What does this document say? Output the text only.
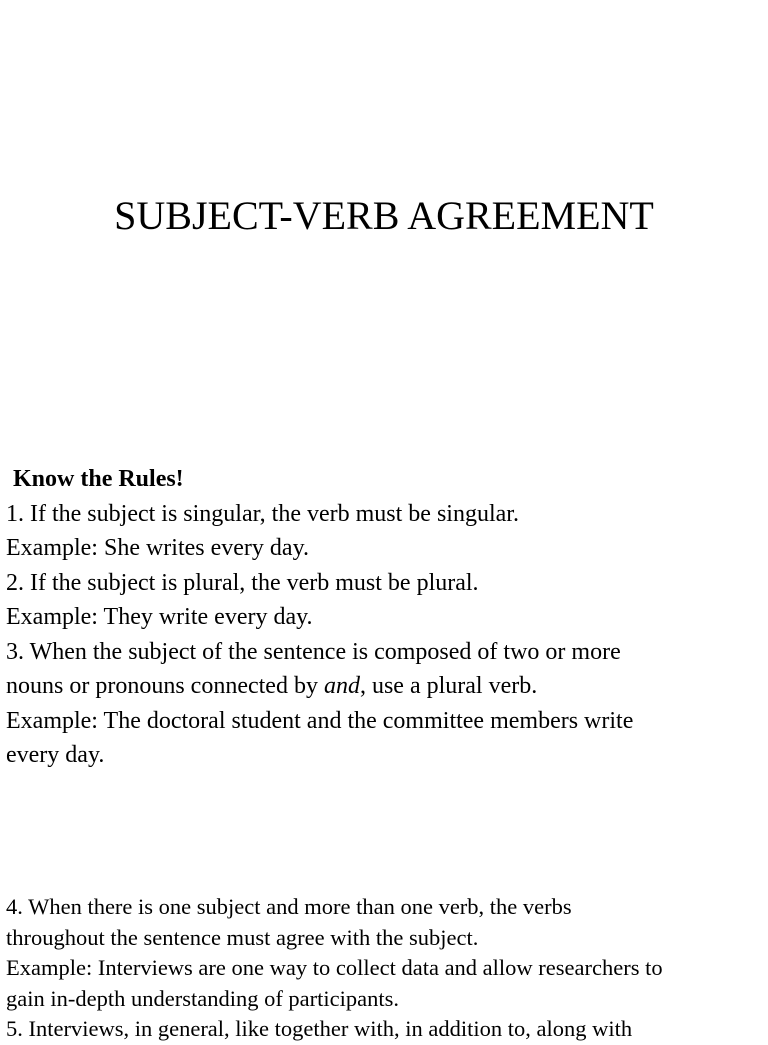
SUBJECT-VERB AGREEMENT
Know the Rules!
1. If the subject is singular, the verb must be singular.
Example: She writes every day.
2. If the subject is plural, the verb must be plural.
Example: They write every day.
3. When the subject of the sentence is composed of two or more
nouns or pronouns connected by and, use a plural verb.
Example: The doctoral student and the committee members write
every day.
4. When there is one subject and more than one verb, the verbs
throughout the sentence must agree with the subject.
Example: Interviews are one way to collect data and allow researchers to
gain in-depth understanding of participants.
5. Interviews, in general, like together with, in addition to, along with
